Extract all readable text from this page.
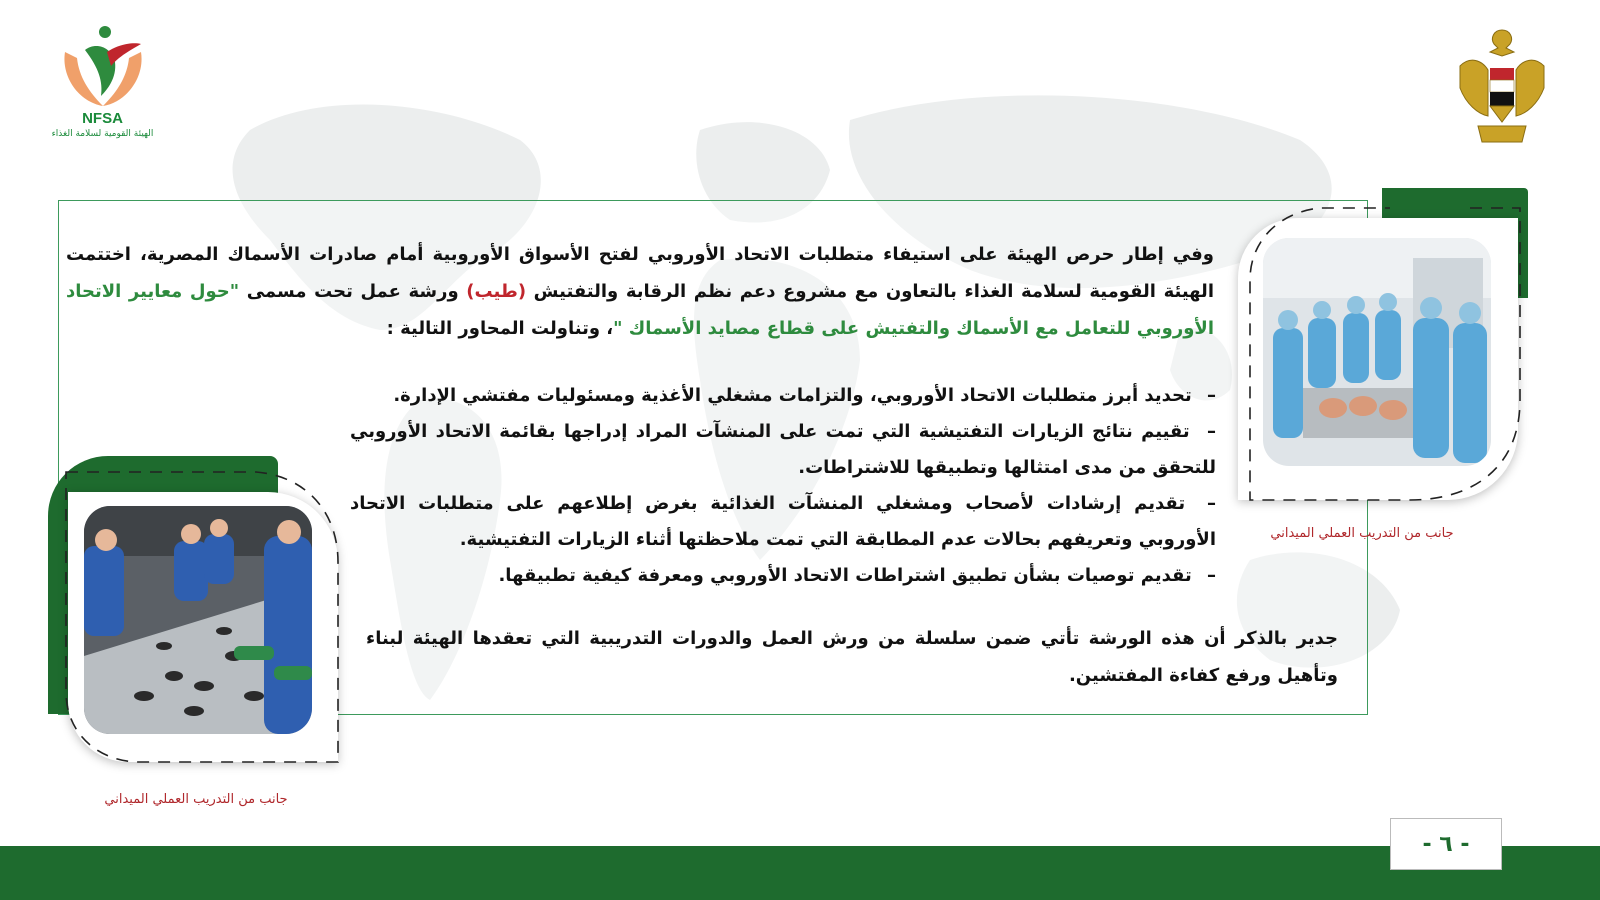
NFSA
الهيئة القومية لسلامة الغذاء
جانب من التدريب العملي الميداني
جانب من التدريب العملي الميداني
وفي إطار حرص الهيئة على استيفاء متطلبات الاتحاد الأوروبي لفتح الأسواق الأوروبية أمام صادرات الأسماك المصرية، اختتمت الهيئة القومية لسلامة الغذاء بالتعاون مع مشروع دعم نظم الرقابة والتفتيش (طيب) ورشة عمل تحت مسمى "حول معايير الاتحاد الأوروبي للتعامل مع الأسماك والتفتيش على قطاع مصايد الأسماك "، وتناولت المحاور التالية :
– تحديد أبرز متطلبات الاتحاد الأوروبي، والتزامات مشغلي الأغذية ومسئوليات مفتشي الإدارة.
– تقييم نتائج الزيارات التفتيشية التي تمت على المنشآت المراد إدراجها بقائمة الاتحاد الأوروبي للتحقق من مدى امتثالها وتطبيقها للاشتراطات.
– تقديم إرشادات لأصحاب ومشغلي المنشآت الغذائية بغرض إطلاعهم على متطلبات الاتحاد الأوروبي وتعريفهم بحالات عدم المطابقة التي تمت ملاحظتها أثناء الزيارات التفتيشية.
– تقديم توصيات بشأن تطبيق اشتراطات الاتحاد الأوروبي ومعرفة كيفية تطبيقها.
جدير بالذكر أن هذه الورشة تأتي ضمن سلسلة من ورش العمل والدورات التدريبية التي تعقدها الهيئة لبناء وتأهيل ورفع كفاءة المفتشين.
- ٦ -
